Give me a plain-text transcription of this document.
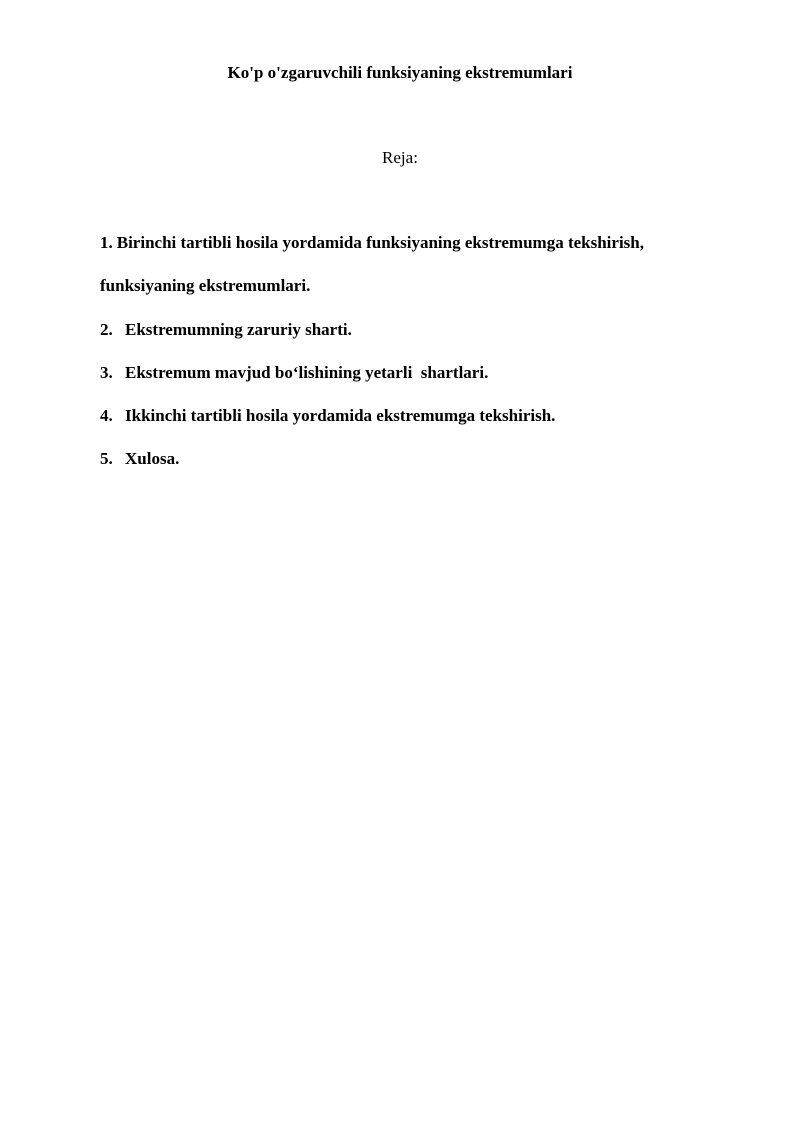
Ko'p o'zgaruvchili funksiyaning ekstremumlari
Reja:
1. Birinchi tartibli hosila yordamida funksiyaning ekstremumga tekshirish,
funksiyaning ekstremumlari.
2. Ekstremumning zaruriy sharti.
3. Ekstremum mavjud bo‘lishining yetarli  shartlari.
4. Ikkinchi tartibli hosila yordamida ekstremumga tekshirish.
5. Xulosa.
